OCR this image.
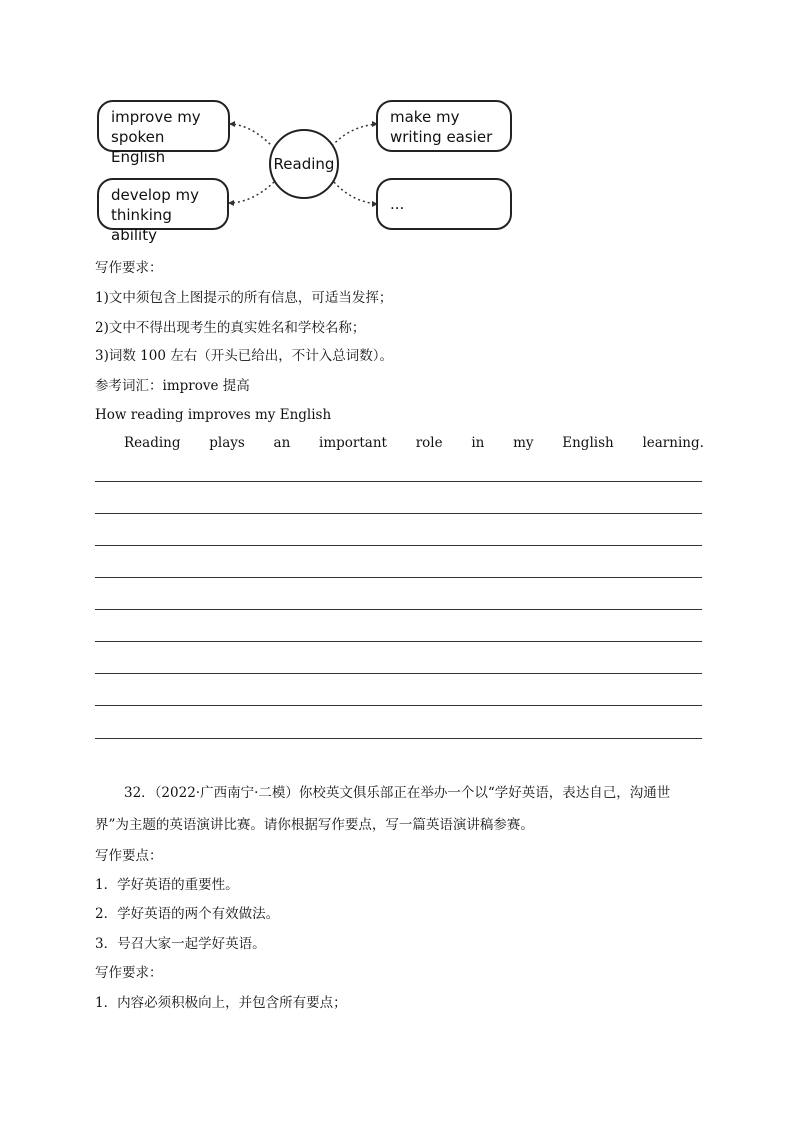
improve my
spoken English
develop my
thinking ability
make my
writing easier
...
Reading
写作要求：
1)文中须包含上图提示的所有信息，可适当发挥；
2)文中不得出现考生的真实姓名和学校名称；
3)词数 100 左右（开头已给出，不计入总词数）。
参考词汇：improve 提高
How reading improves my English
Reading plays an important role in my English learning.
32．（2022·广西南宁·二模）你校英文俱乐部正在举办一个以“学好英语，表达自己，沟通世
界”为主题的英语演讲比赛。请你根据写作要点，写一篇英语演讲稿参赛。
写作要点：
1．学好英语的重要性。
2．学好英语的两个有效做法。
3．号召大家一起学好英语。
写作要求：
1．内容必须积极向上，并包含所有要点；
